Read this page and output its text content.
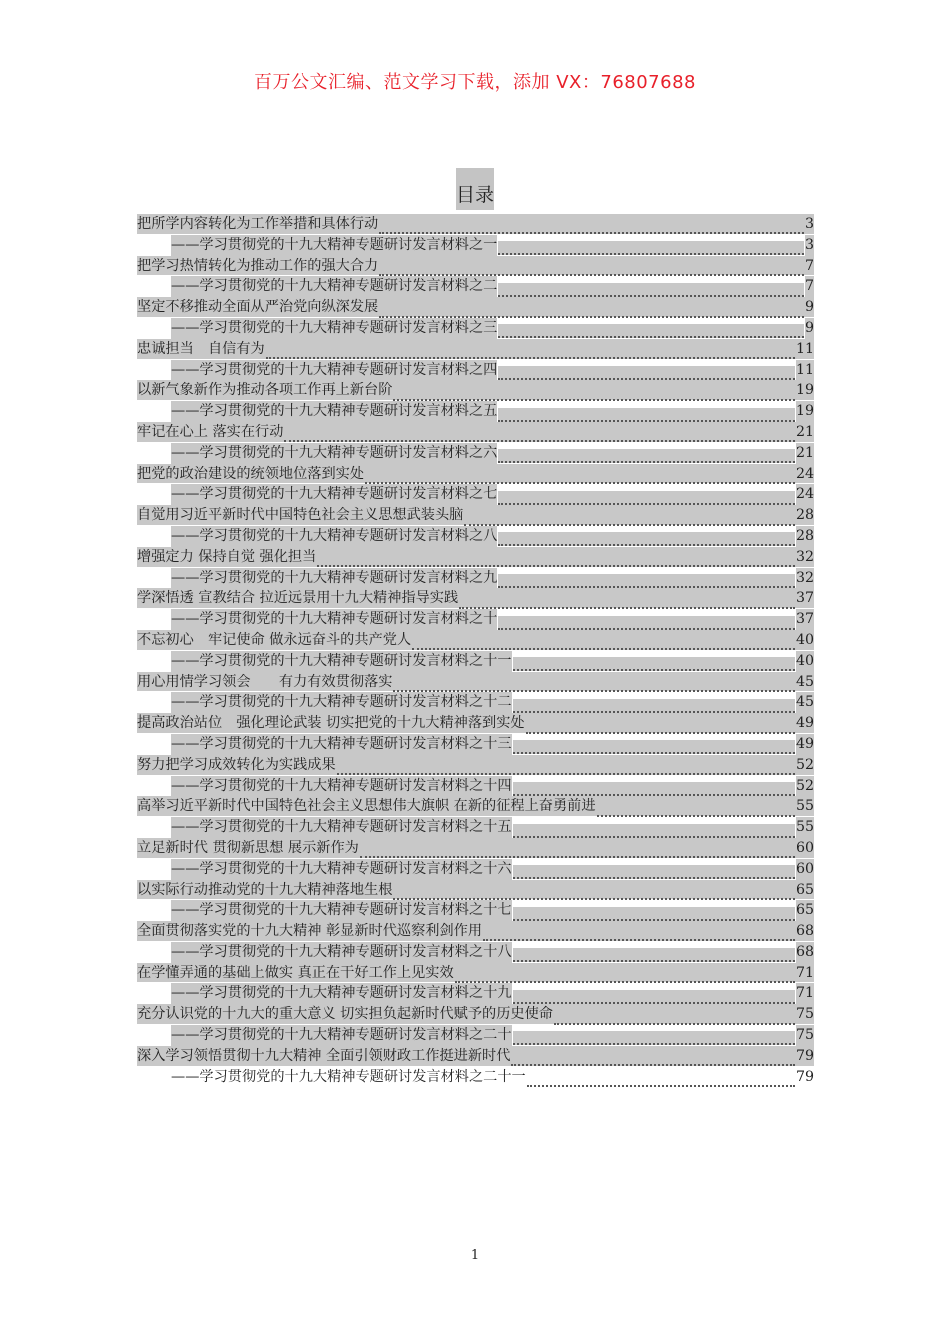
百万公文汇编、范文学习下载，添加 VX：76807688
目录
把所学内容转化为工作举措和具体行动	3
——学习贯彻党的十九大精神专题研讨发言材料之一	3
把学习热情转化为推动工作的强大合力	7
——学习贯彻党的十九大精神专题研讨发言材料之二	7
坚定不移推动全面从严治党向纵深发展	9
——学习贯彻党的十九大精神专题研讨发言材料之三	9
忠诚担当　自信有为	11
——学习贯彻党的十九大精神专题研讨发言材料之四	11
以新气象新作为推动各项工作再上新台阶	19
——学习贯彻党的十九大精神专题研讨发言材料之五	19
牢记在心上 落实在行动	21
——学习贯彻党的十九大精神专题研讨发言材料之六	21
把党的政治建设的统领地位落到实处	24
——学习贯彻党的十九大精神专题研讨发言材料之七	24
自觉用习近平新时代中国特色社会主义思想武装头脑	28
——学习贯彻党的十九大精神专题研讨发言材料之八	28
增强定力 保持自觉 强化担当	32
——学习贯彻党的十九大精神专题研讨发言材料之九	32
学深悟透 宣教结合 拉近远景用十九大精神指导实践	37
——学习贯彻党的十九大精神专题研讨发言材料之十	37
不忘初心　牢记使命 做永远奋斗的共产党人	40
——学习贯彻党的十九大精神专题研讨发言材料之十一	40
用心用情学习领会　　有力有效贯彻落实	45
——学习贯彻党的十九大精神专题研讨发言材料之十二	45
提高政治站位　强化理论武装 切实把党的十九大精神落到实处	49
——学习贯彻党的十九大精神专题研讨发言材料之十三	49
努力把学习成效转化为实践成果	52
——学习贯彻党的十九大精神专题研讨发言材料之十四	52
高举习近平新时代中国特色社会主义思想伟大旗帜 在新的征程上奋勇前进	55
——学习贯彻党的十九大精神专题研讨发言材料之十五	55
立足新时代 贯彻新思想 展示新作为	60
——学习贯彻党的十九大精神专题研讨发言材料之十六	60
以实际行动推动党的十九大精神落地生根	65
——学习贯彻党的十九大精神专题研讨发言材料之十七	65
全面贯彻落实党的十九大精神 彰显新时代巡察利剑作用	68
——学习贯彻党的十九大精神专题研讨发言材料之十八	68
在学懂弄通的基础上做实 真正在干好工作上见实效	71
——学习贯彻党的十九大精神专题研讨发言材料之十九	71
充分认识党的十九大的重大意义 切实担负起新时代赋予的历史使命	75
——学习贯彻党的十九大精神专题研讨发言材料之二十	75
深入学习领悟贯彻十九大精神 全面引领财政工作挺进新时代	79
——学习贯彻党的十九大精神专题研讨发言材料之二十一	79
1
